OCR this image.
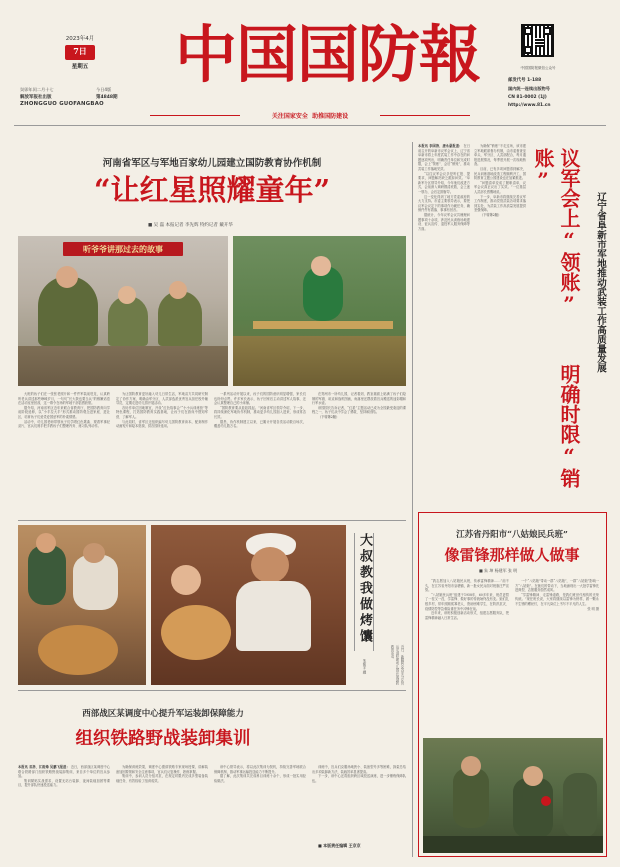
2023年4月
7日
星期五
癸卯年闰二月十七	今日4版
解放军报社出版	第4848期
ZHONGGUO GUOFANGBAO
中国国防報
关注国家安全  助推国防建设
中国国防报微信公众号
邮发代号 1-188
国内统一连续出版物号
CN 81-0002 (1J)
http://www.81.cn
河南省军区与军地百家幼儿园建立国防教育协作机制
“让红星照耀童年”
■ 吴 磊 本报记者 李先辉 特约记者 戴开华
听爷爷讲那过去的故事
大班的孩子们在一张张老照片和一件件军装前驻足，认真聆听老兵讲述那些峥嵘岁月，一句句“长大我也要当兵”的稚嫩话语在活动室里回荡，这一幕令在场的军地干部倍感欣慰。
据介绍，河南省军区近年来联合省教育厅，把国防教育向学前阶段延伸，以“小手拉大手”形式推动国防观念进家庭、进社区，培育孩子们爱党爱国爱军的朴素情感。
活动中，幼儿园老师带领孩子们学唱红色歌曲、观看军事纪录片，官兵们则手把手教孩子们整理内务、练习队列动作。
为让国防教育更好融入幼儿日常生活，军地双方共同研究制定了协作方案，明确由军分区、人武部选派优秀官兵担任校外辅导员，定期走进幼儿园开展活动。
各协作单位因地制宜，开设“红色故事会”“小小兵训练营”等特色课程，打造国防教育实践基地，让孩子们在游戏中感知军营、了解军人。
与此同时，省军区还组织编写幼儿国防教育读本，配套制作动画短片和绘本资源，供各园所选用。
一系列活动开展以来，孩子们的国防意识明显增强，家长们也纷纷点赞。许多家长表示，孩子回家后主动讲述军人故事，还会认真整理自己的小床铺。
“国防教育要从娃娃抓起。”河南省军区领导介绍，下一步，将持续深化军地协作机制，推动更多幼儿园加入进来，形成常态长效。
据悉，协作机制建立以来，已累计开展各类活动数百场次，覆盖幼儿数万名。
在郑州市一所幼儿园，记者看到，教室墙面上贴满了孩子们绘制的军旗、坦克和战机图画，角落里还摆放着官兵赠送的迷彩帽和行军水壶。
该园园长告诉记者，“红星”主题活动已成为全园最受欢迎的课程之一，孩子们从中学会了勇敢、坚持和团结。
（下转第2版）
大叔教我做烤馕
近日，新疆阿克苏军分区官兵走进驻地幼儿园开展国防教育活动。
朱铭宇 摄
西部战区某调度中心提升军运装卸保障能力
组织铁路野战装卸集训
本报讯 邓洛、江韵烽 吴鹏飞报道： 近日，西部战区某调度中心联合铁路部门组织铁路野战装卸集训，来自多个单位的官兵参加。
集训紧贴实战需求，设置无站台装卸、夜间装载加固等课目，提升部队快速投送能力。
为确保训练效果，调度中心邀请铁路专家现场授课，讲解装备加固要领和安全注意事项，官兵们反复操作、熟练掌握。
集训中，参训人员分组对抗，在规定时限内完成多型装备装载任务，有效检验了组训成效。
该中心领导表示，将以此次集训为契机，持续完善军地联合保障机制，推动军事运输投送能力不断提升。
据了解，此次集训共完成科目训练十余个，形成一批实用经验做法。
训练中，官兵们克服场地狭小、装备型号多等困难，探索总结出多项装卸新方法，装载效率显著提高。
下一步，该中心还将组织跨区域投送演练，进一步锤炼保障队伍。
■ 本版责任编辑 王京京
本报讯 李国涛、唐永豪报道： 在日前召开的阜新市议军会议上，辽宁省阜新市将上年度武装工作中存在的问题逐项列出，明确责任单位和完成时限，会上“领账”、会后“销账”，推动武装工作落地见效。
“以往议军会议多是听汇报、提要求，问题解决缺乏跟踪问效。”阜新军分区领导介绍，今年他们改进方式，会前深入调研摸清底数，会上逐一领办，会后定期督导。
这一变化得到了地方党委政府的大力支持。市委主要领导表示，要把议军会议定下的事项作为硬任务，确保件件有着落、事事有回音。
据统计，今年议军会议共梳理问题事项十余项，涉及民兵训练场地建设、征兵宣传、退役军人服务保障等方面。
为确保“销账”不走过场，该市建立军地联席督办机制，由市委督查室牵头，军分区、人武部配合，每月通报进展情况，每季度开展一次现地核查。
目前，已有多项问题得到解决，民兵训练基地改造工程顺利开工，国防教育主题公园建设也在加紧推进。
“问题清单变成了履职清单，议军会议真正议出了实效。”一位基层人武部长感慨地说。
下一步，阜新市将继续完善议军工作制度，推动党管武装各项要求落到实处，为武装工作高质量发展提供坚强保障。
（下转第2版）	议军会上“领账”  明确时限“销账”
辽宁省阜新市军地推动武装工作高质量发展
江苏省丹阳市“八姑娘民兵班”
像雷锋那样做人做事
■ 朱 坤 杨建军 张 明
“我志愿加入八姑娘民兵班，传承雷锋精神……”前不久，在江苏省丹阳市皇塘镇，新一批女民兵面对班旗庄严宣誓。
“八姑娘民兵班”组建于1958年，60多年来，班员更替了一茬又一茬，学雷锋、做好事的传统始终没有变。她们扎根乡村，常年照顾孤寡老人、资助困难学生，在防汛抗灾、疫情防控等急难险重任务中冲锋在前。
近年来，该班积极创新活动形式，组建志愿服务队，把雷锋精神融入日常生活。
一个“八姑娘”带动一群“八姑娘”，一群“八姑娘”影响一方“八姑娘”。在她们的带动下，当地涌现出一大批学雷锋先进典型，志愿服务蔚然成风。
“学雷锋精神、走雷锋道路，是我们班世代相传的光荣传统。”现任班长说，大家将继续以雷锋为榜样，做一颗永不生锈的螺丝钉，在平凡岗位上书写不平凡的人生。
张 明 摄
